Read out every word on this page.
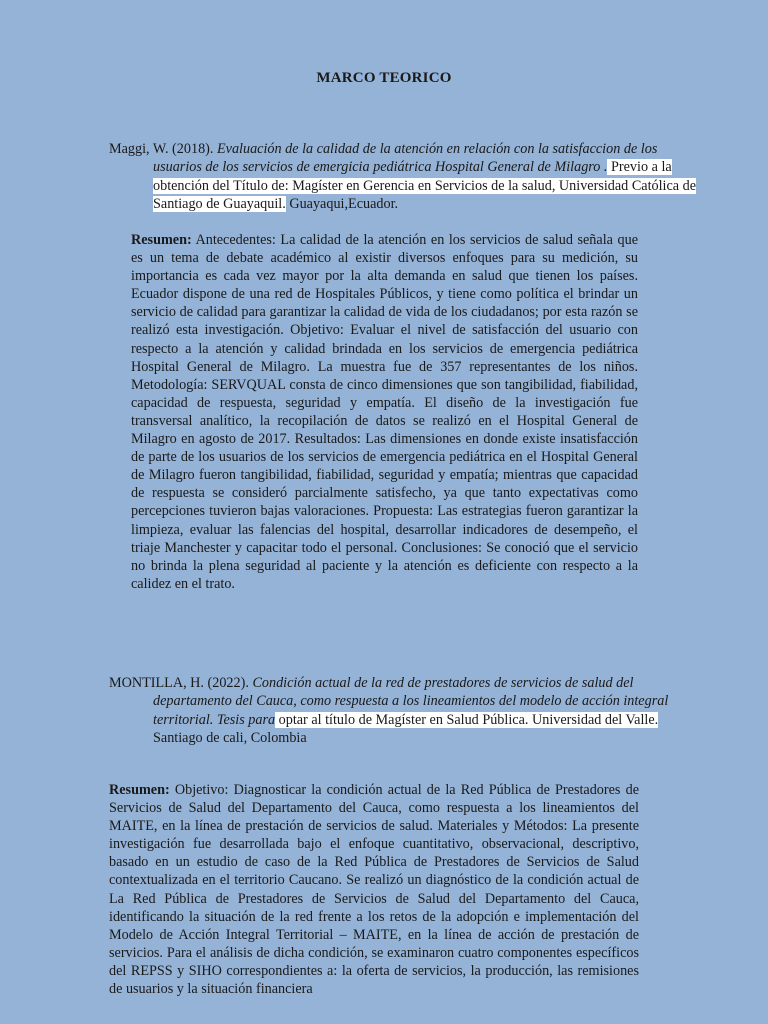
MARCO TEORICO
Maggi, W. (2018). Evaluación de la calidad de la atención en relación con la satisfaccion de los usuarios de los servicios de emergicia pediátrica Hospital General de Milagro . Previo a la obtención del Título de: Magíster en Gerencia en Servicios de la salud, Universidad Católica de Santiago de Guayaquil. Guayaqui,Ecuador.
Resumen: Antecedentes: La calidad de la atención en los servicios de salud señala que es un tema de debate académico al existir diversos enfoques para su medición, su importancia es cada vez mayor por la alta demanda en salud que tienen los países. Ecuador dispone de una red de Hospitales Públicos, y tiene como política el brindar un servicio de calidad para garantizar la calidad de vida de los ciudadanos; por esta razón se realizó esta investigación. Objetivo: Evaluar el nivel de satisfacción del usuario con respecto a la atención y calidad brindada en los servicios de emergencia pediátrica Hospital General de Milagro. La muestra fue de 357 representantes de los niños. Metodología: SERVQUAL consta de cinco dimensiones que son tangibilidad, fiabilidad, capacidad de respuesta, seguridad y empatía. El diseño de la investigación fue transversal analítico, la recopilación de datos se realizó en el Hospital General de Milagro en agosto de 2017. Resultados: Las dimensiones en donde existe insatisfacción de parte de los usuarios de los servicios de emergencia pediátrica en el Hospital General de Milagro fueron tangibilidad, fiabilidad, seguridad y empatía; mientras que capacidad de respuesta se consideró parcialmente satisfecho, ya que tanto expectativas como percepciones tuvieron bajas valoraciones. Propuesta: Las estrategias fueron garantizar la limpieza, evaluar las falencias del hospital, desarrollar indicadores de desempeño, el triaje Manchester y capacitar todo el personal. Conclusiones: Se conoció que el servicio no brinda la plena seguridad al paciente y la atención es deficiente con respecto a la calidez en el trato.
MONTILLA, H. (2022). Condición actual de la red de prestadores de servicios de salud del departamento del Cauca, como respuesta a los lineamientos del modelo de acción integral territorial. Tesis para optar al título de Magíster en Salud Pública. Universidad del Valle. Santiago de cali, Colombia
Resumen: Objetivo: Diagnosticar la condición actual de la Red Pública de Prestadores de Servicios de Salud del Departamento del Cauca, como respuesta a los lineamientos del MAITE, en la línea de prestación de servicios de salud. Materiales y Métodos: La presente investigación fue desarrollada bajo el enfoque cuantitativo, observacional, descriptivo, basado en un estudio de caso de la Red Pública de Prestadores de Servicios de Salud contextualizada en el territorio Caucano. Se realizó un diagnóstico de la condición actual de La Red Pública de Prestadores de Servicios de Salud del Departamento del Cauca, identificando la situación de la red frente a los retos de la adopción e implementación del Modelo de Acción Integral Territorial – MAITE, en la línea de acción de prestación de servicios. Para el análisis de dicha condición, se examinaron cuatro componentes específicos del REPSS y SIHO correspondientes a: la oferta de servicios, la producción, las remisiones de usuarios y la situación financiera
